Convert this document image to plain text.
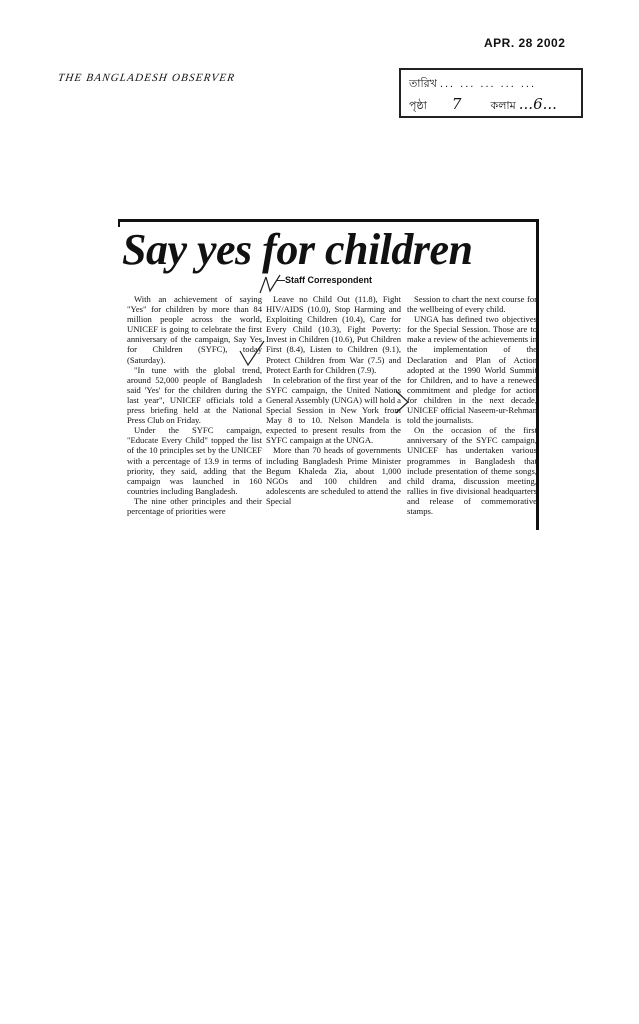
APR. 28 2002
THE BANGLADESH OBSERVER	তারিখ ... ... ... ... ...
পৃষ্ঠা 7	কলাম ...6...
Say yes for children
—Staff Correspondent

With an achievement of saying "Yes" for children by more than 84 million people across the world, UNICEF is going to celebrate the first anniversary of the campaign, Say Yes for Children (SYFC), today (Saturday).

"In tune with the global trend, around 52,000 people of Bangladesh said 'Yes' for the children during the last year", UNICEF officials told a press briefing held at the National Press Club on Friday.

Under the SYFC campaign, "Educate Every Child" topped the list of the 10 principles set by the UNICEF with a percentage of 13.9 in terms of priority, they said, adding that the campaign was launched in 160 countries including Bangladesh.

The nine other principles and their percentage of priorities were

Leave no Child Out (11.8), Fight HIV/AIDS (10.0), Stop Harming and Exploiting Children (10.4), Care for Every Child (10.3), Fight Poverty: Invest in Children (10.6), Put Children First (8.4), Listen to Children (9.1), Protect Children from War (7.5) and Protect Earth for Children (7.9).

In celebration of the first year of the SYFC campaign, the United Nations General Assembly (UNGA) will hold a Special Session in New York from May 8 to 10. Nelson Mandela is expected to present results from the SYFC campaign at the UNGA.

More than 70 heads of governments including Bangladesh Prime Minister Begum Khaleda Zia, about 1,000 NGOs and 100 children and adolescents are scheduled to attend the Special

Session to chart the next course for the wellbeing of every child.

UNGA has defined two objectives for the Special Session. Those are to make a review of the achievements in the implementation of the Declaration and Plan of Action adopted at the 1990 World Summit for Children, and to have a renewed commitment and pledge for action for children in the next decade, UNICEF official Naseem-ur-Rehman told the journalists.

On the occasion of the first anniversary of the SYFC campaign, UNICEF has undertaken various programmes in Bangladesh that include presentation of theme songs, child drama, discussion meeting, rallies in five divisional headquarters and release of commemorative stamps.
